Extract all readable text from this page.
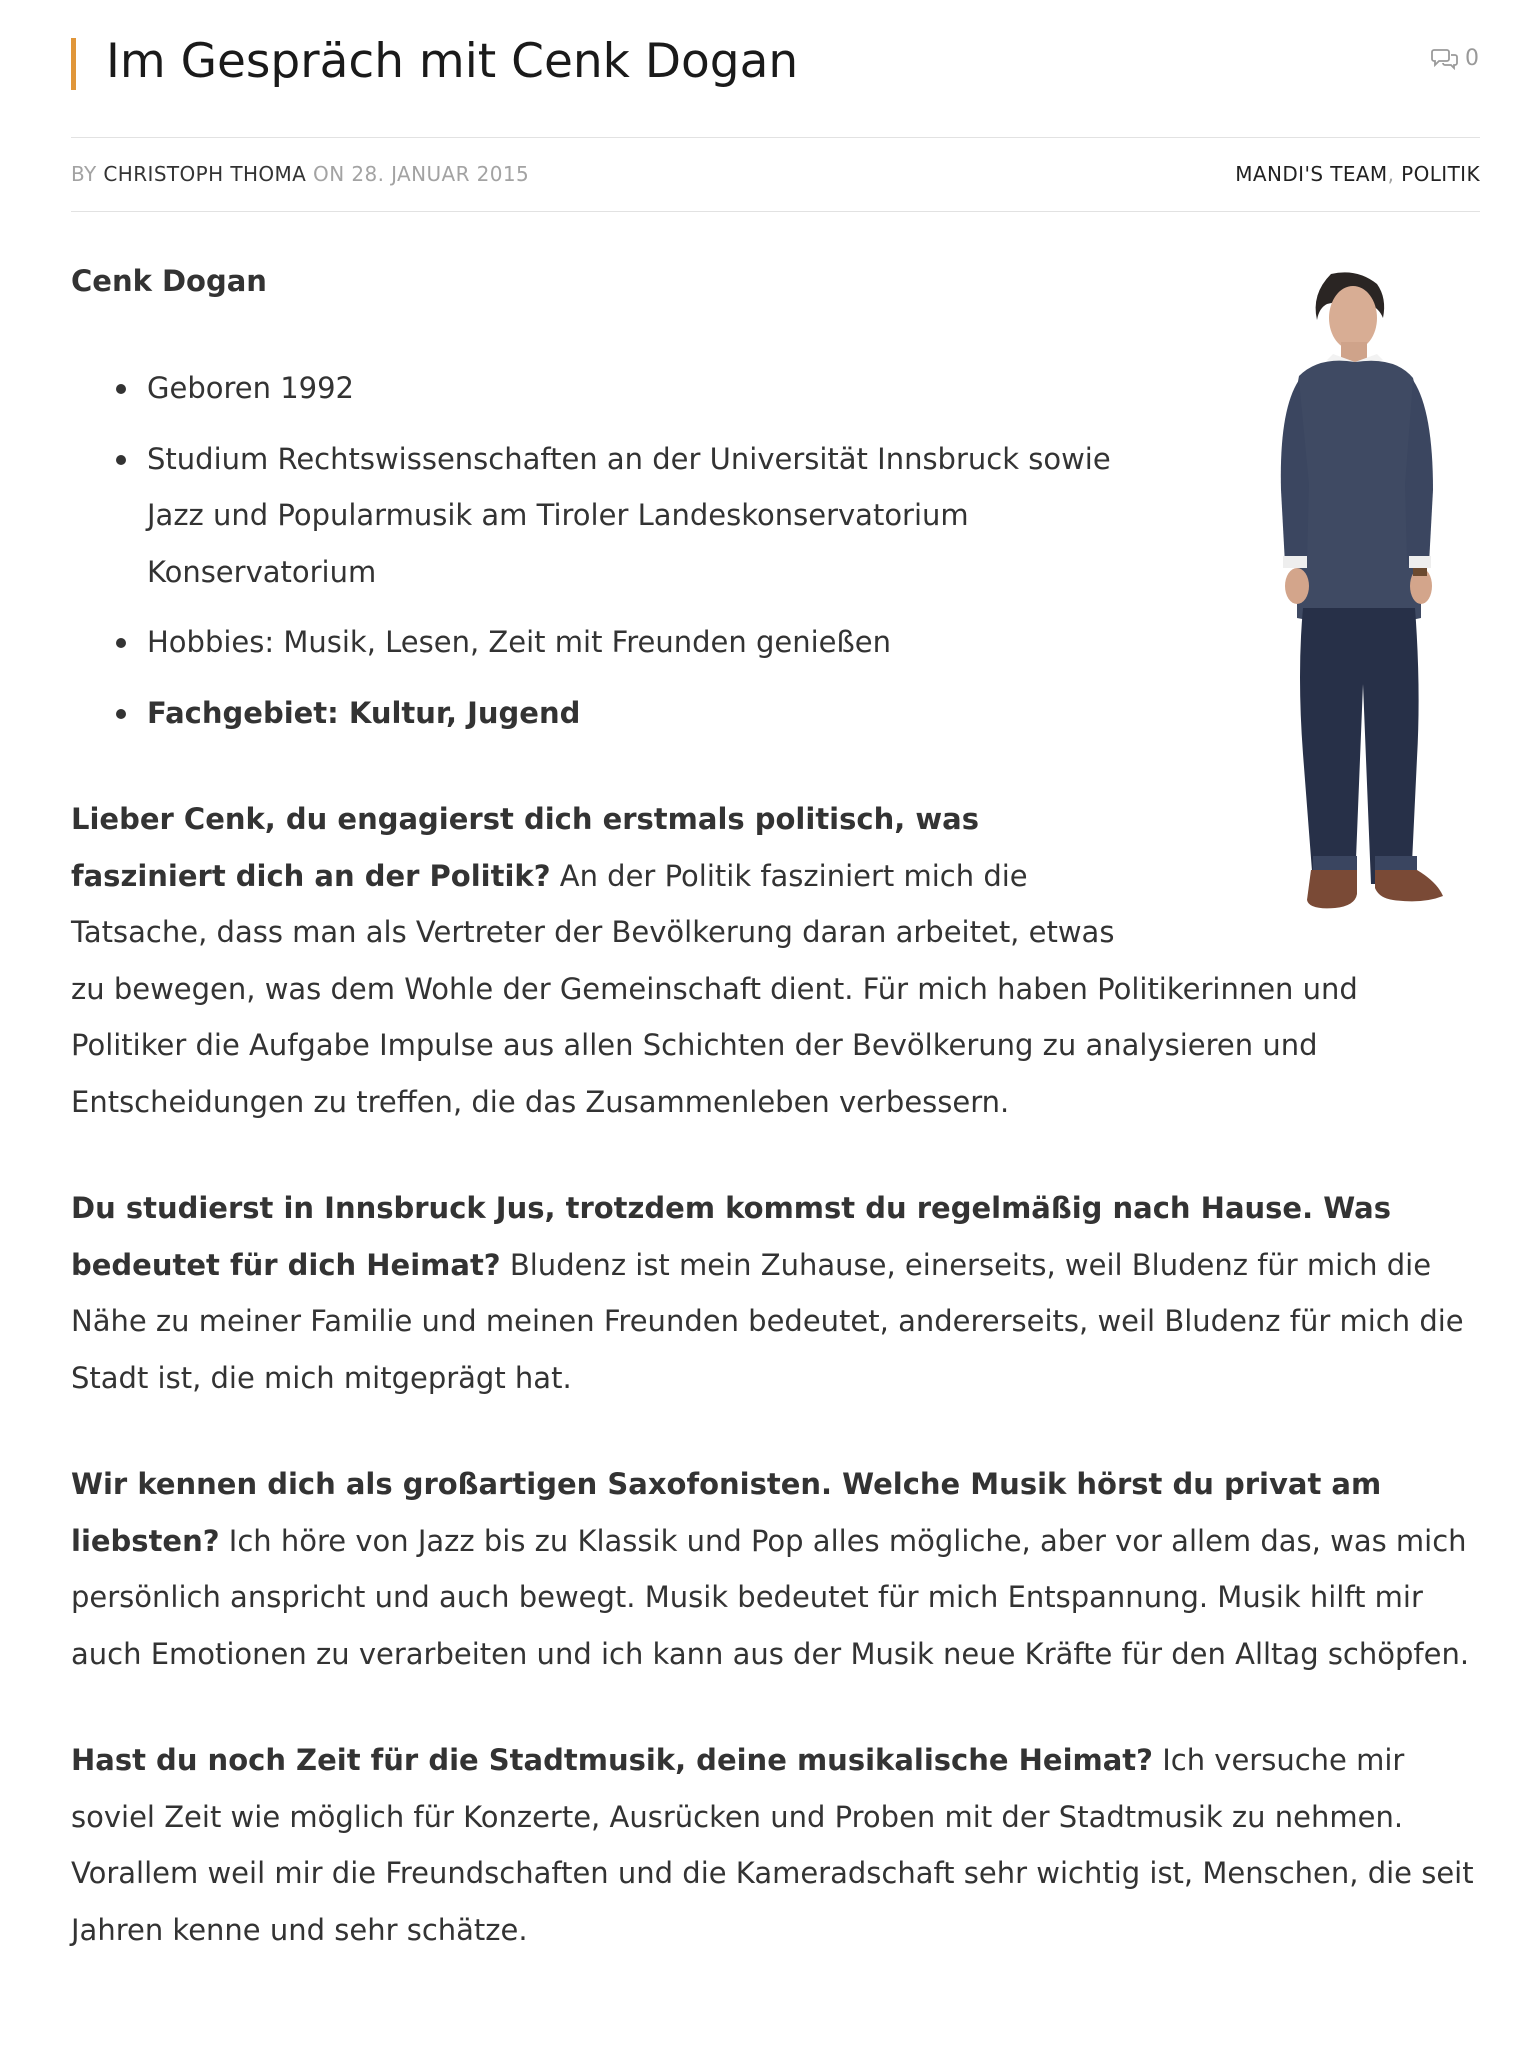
Im Gespräch mit Cenk Dogan	0
BY CHRISTOPH THOMA ON 28. JANUAR 2015	MANDI'S TEAM, POLITIK

Cenk Dogan

Geboren 1992
Studium Rechtswissenschaften an der Universität Innsbruck sowie Jazz und Popularmusik am Tiroler Landeskonservatorium Konservatorium
Hobbies: Musik, Lesen, Zeit mit Freunden genießen
Fachgebiet: Kultur, Jugend

Lieber Cenk, du engagierst dich erstmals politisch, was fasziniert dich an der Politik? An der Politik fasziniert mich die Tatsache, dass man als Vertreter der Bevölkerung daran arbeitet, etwas zu bewegen, was dem Wohle der Gemeinschaft dient. Für mich haben Politikerinnen und Politiker die Aufgabe Impulse aus allen Schichten der Bevölkerung zu analysieren und Entscheidungen zu treffen, die das Zusammenleben verbessern.

Du studierst in Innsbruck Jus, trotzdem kommst du regelmäßig nach Hause. Was bedeutet für dich Heimat? Bludenz ist mein Zuhause, einerseits, weil Bludenz für mich die Nähe zu meiner Familie und meinen Freunden bedeutet, andererseits, weil Bludenz für mich die Stadt ist, die mich mitgeprägt hat.

Wir kennen dich als großartigen Saxofonisten. Welche Musik hörst du privat am liebsten? Ich höre von Jazz bis zu Klassik und Pop alles mögliche, aber vor allem das, was mich persönlich anspricht und auch bewegt. Musik bedeutet für mich Entspannung. Musik hilft mir auch Emotionen zu verarbeiten und ich kann aus der Musik neue Kräfte für den Alltag schöpfen.

Hast du noch Zeit für die Stadtmusik, deine musikalische Heimat? Ich versuche mir soviel Zeit wie möglich für Konzerte, Ausrücken und Proben mit der Stadtmusik zu nehmen. Vorallem weil mir die Freundschaften und die Kameradschaft sehr wichtig ist, Menschen, die seit Jahren kenne und sehr schätze.
